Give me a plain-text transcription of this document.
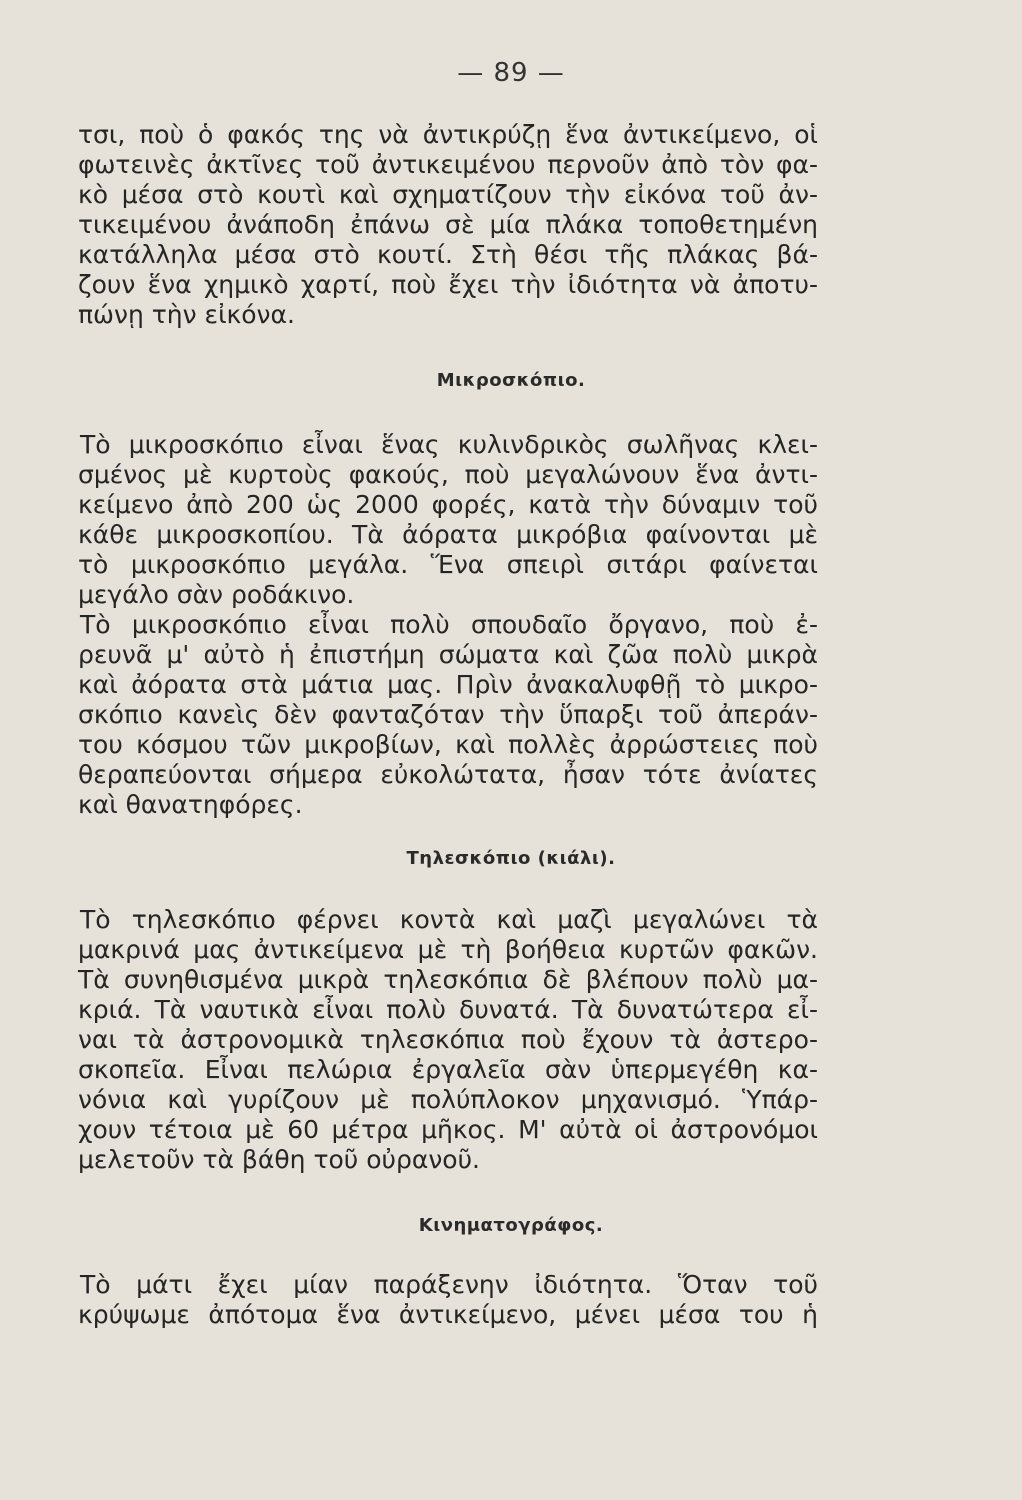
— 89 —
τσι, ποὺ ὁ φακός της νὰ ἀντικρύζῃ ἕνα ἀντικείμενο, οἱ
φωτεινὲς ἀκτῖνες τοῦ ἀντικειμένου περνοῦν ἀπὸ τὸν φα-
κὸ μέσα στὸ κουτὶ καὶ σχηματίζουν τὴν εἰκόνα τοῦ ἀν-
τικειμένου ἀνάποδη ἐπάνω σὲ μία πλάκα τοποθετημένη
κατάλληλα μέσα στὸ κουτί. Στὴ θέσι τῆς πλάκας βά-
ζουν ἕνα χημικὸ χαρτί, ποὺ ἔχει τὴν ἰδιότητα νὰ ἀποτυ-
πώνῃ τὴν εἰκόνα.
Μικροσκόπιο.
Τὸ μικροσκόπιο εἶναι ἕνας κυλινδρικὸς σωλῆνας κλει-
σμένος μὲ κυρτοὺς φακούς, ποὺ μεγαλώνουν ἕνα ἀντι-
κείμενο ἀπὸ 200 ὡς 2000 φορές, κατὰ τὴν δύναμιν τοῦ
κάθε μικροσκοπίου. Τὰ ἀόρατα μικρόβια φαίνονται μὲ
τὸ μικροσκόπιο μεγάλα. Ἕνα σπειρὶ σιτάρι φαίνεται
μεγάλο σὰν ροδάκινο.
Τὸ μικροσκόπιο εἶναι πολὺ σπουδαῖο ὄργανο, ποὺ ἐ-
ρευνᾶ μ' αὐτὸ ἡ ἐπιστήμη σώματα καὶ ζῶα πολὺ μικρὰ
καὶ ἀόρατα στὰ μάτια μας. Πρὶν ἀνακαλυφθῇ τὸ μικρο-
σκόπιο κανεὶς δὲν φανταζόταν τὴν ὕπαρξι τοῦ ἀπεράν-
του κόσμου τῶν μικροβίων, καὶ πολλὲς ἀρρώστειες ποὺ
θεραπεύονται σήμερα εὐκολώτατα, ἦσαν τότε ἀνίατες
καὶ θανατηφόρες.
Τηλεσκόπιο (κιάλι).
Τὸ τηλεσκόπιο φέρνει κοντὰ καὶ μαζὶ μεγαλώνει τὰ
μακρινά μας ἀντικείμενα μὲ τὴ βοήθεια κυρτῶν φακῶν.
Τὰ συνηθισμένα μικρὰ τηλεσκόπια δὲ βλέπουν πολὺ μα-
κριά. Τὰ ναυτικὰ εἶναι πολὺ δυνατά. Τὰ δυνατώτερα εἶ-
ναι τὰ ἀστρονομικὰ τηλεσκόπια ποὺ ἔχουν τὰ ἀστερο-
σκοπεῖα. Εἶναι πελώρια ἐργαλεῖα σὰν ὑπερμεγέθη κα-
νόνια καὶ γυρίζουν μὲ πολύπλοκον μηχανισμό. Ὑπάρ-
χουν τέτοια μὲ 60 μέτρα μῆκος. Μ' αὐτὰ οἱ ἀστρονόμοι
μελετοῦν τὰ βάθη τοῦ οὐρανοῦ.
Κινηματογράφος.
Τὸ μάτι ἔχει μίαν παράξενην ἰδιότητα. Ὅταν τοῦ
κρύψωμε ἀπότομα ἕνα ἀντικείμενο, μένει μέσα του ἡ
